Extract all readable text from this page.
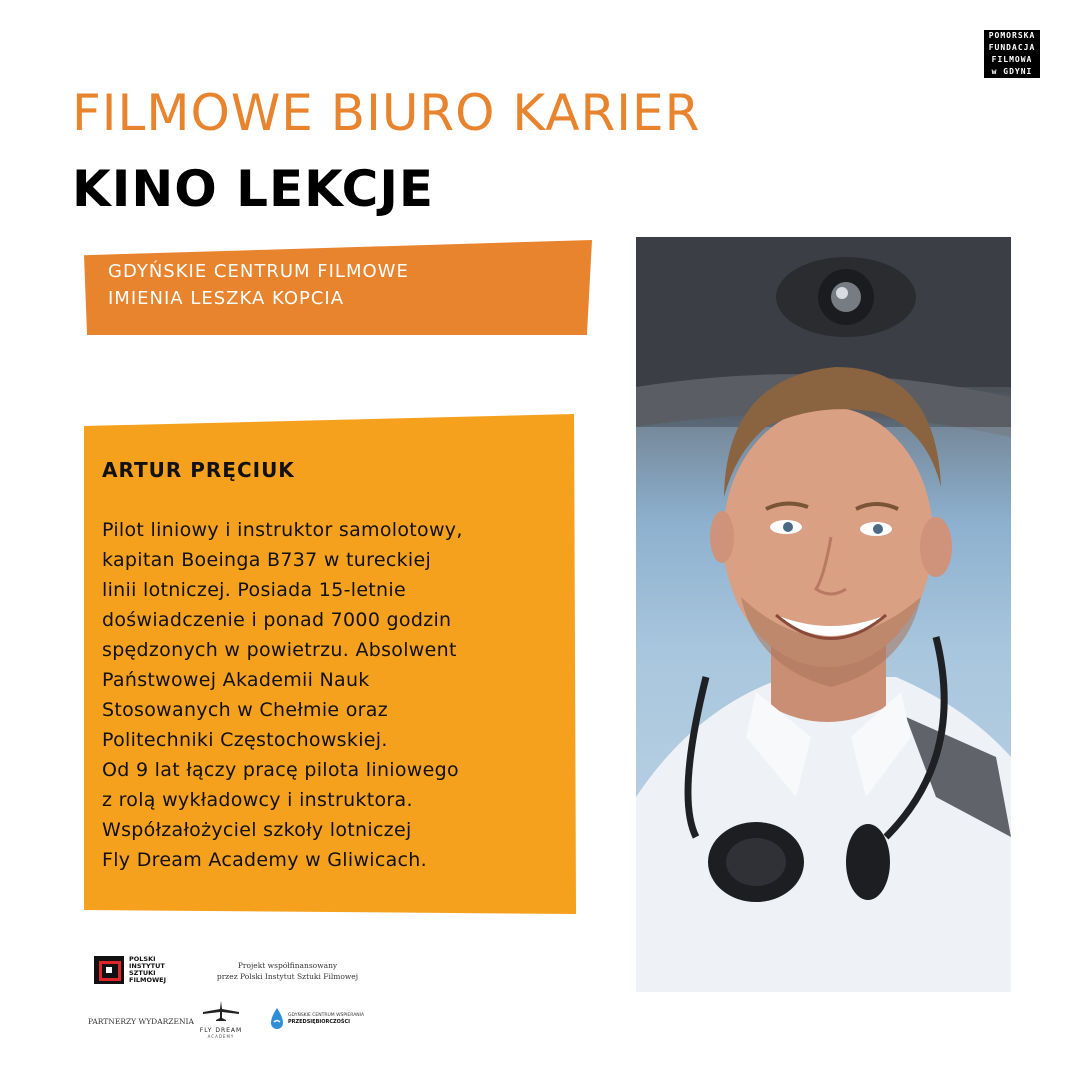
FILMOWE BIURO KARIER
KINO LEKCJE
POMORSKA
FUNDACJA
FILMOWA
w GDYNI

GDYŃSKIE CENTRUM FILMOWE
IMIENIA LESZKA KOPCIA

ARTUR PRĘCIUK

Pilot liniowy i instruktor samolotowy,
kapitan Boeinga B737 w tureckiej
linii lotniczej. Posiada 15-letnie
doświadczenie i ponad 7000 godzin
spędzonych w powietrzu. Absolwent
Państwowej Akademii Nauk
Stosowanych w Chełmie oraz
Politechniki Częstochowskiej.
Od 9 lat łączy pracę pilota liniowego
z rolą wykładowcy i instruktora.
Współzałożyciel szkoły lotniczej
Fly Dream Academy w Gliwicach.

POLSKI
INSTYTUT
SZTUKI
FILMOWEJ

Projekt współfinansowany
przez Polski Instytut Sztuki Filmowej

PARTNERZY WYDARZENIA

FLY DREAM
ACADEMY
GDYŃSKIE CENTRUM WSPIERANIA
PRZEDSIĘBIORCZOŚCI
